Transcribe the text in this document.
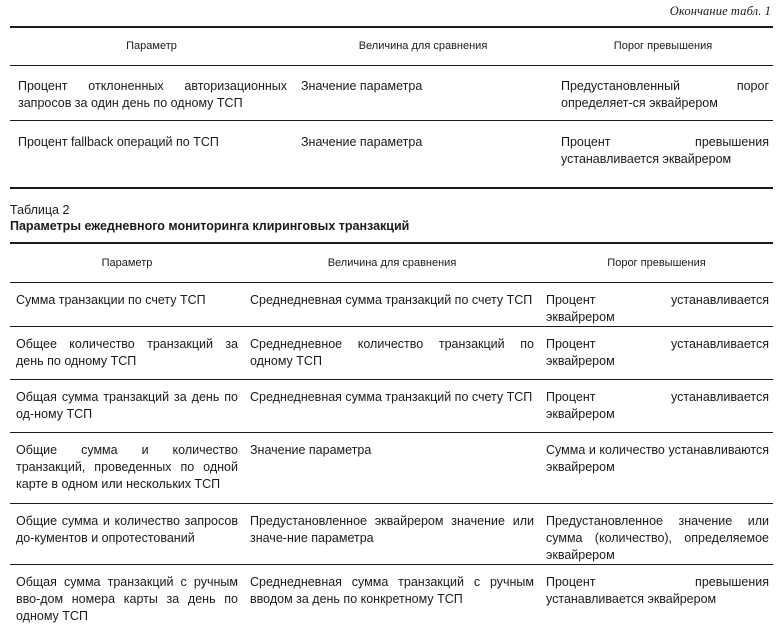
Окончание табл. 1
Параметр	Величина для сравнения	Порог превышения
Процент отклоненных авторизационных запросов за один день по одному ТСП	Значение параметра	Предустановленный порог определяет-ся эквайрером
Процент fallback операций по ТСП	Значение параметра	Процент превышения устанавливается эквайрером
Таблица 2
Параметры ежедневного мониторинга клиринговых транзакций
Параметр	Величина для сравнения	Порог превышения
Сумма транзакции по счету ТСП	Среднедневная сумма транзакций по счету ТСП	Процент устанавливается эквайрером
Общее количество транзакций за день по одному ТСП	Среднедневное количество транзакций по одному ТСП	Процент устанавливается эквайрером
Общая сумма транзакций за день по од-ному ТСП	Среднедневная сумма транзакций по счету ТСП	Процент устанавливается эквайрером
Общие сумма и количество транзакций, проведенных по одной карте в одном или нескольких ТСП	Значение параметра	Сумма и количество устанавливаются эквайрером
Общие сумма и количество запросов до-кументов и опротестований	Предустановленное эквайрером значение или значе-ние параметра	Предустановленное значение или сумма (количество), определяемое эквайрером
Общая сумма транзакций с ручным вво-дом номера карты за день по одному ТСП	Среднедневная сумма транзакций с ручным вводом за день по конкретному ТСП	Процент превышения устанавливается эквайрером
